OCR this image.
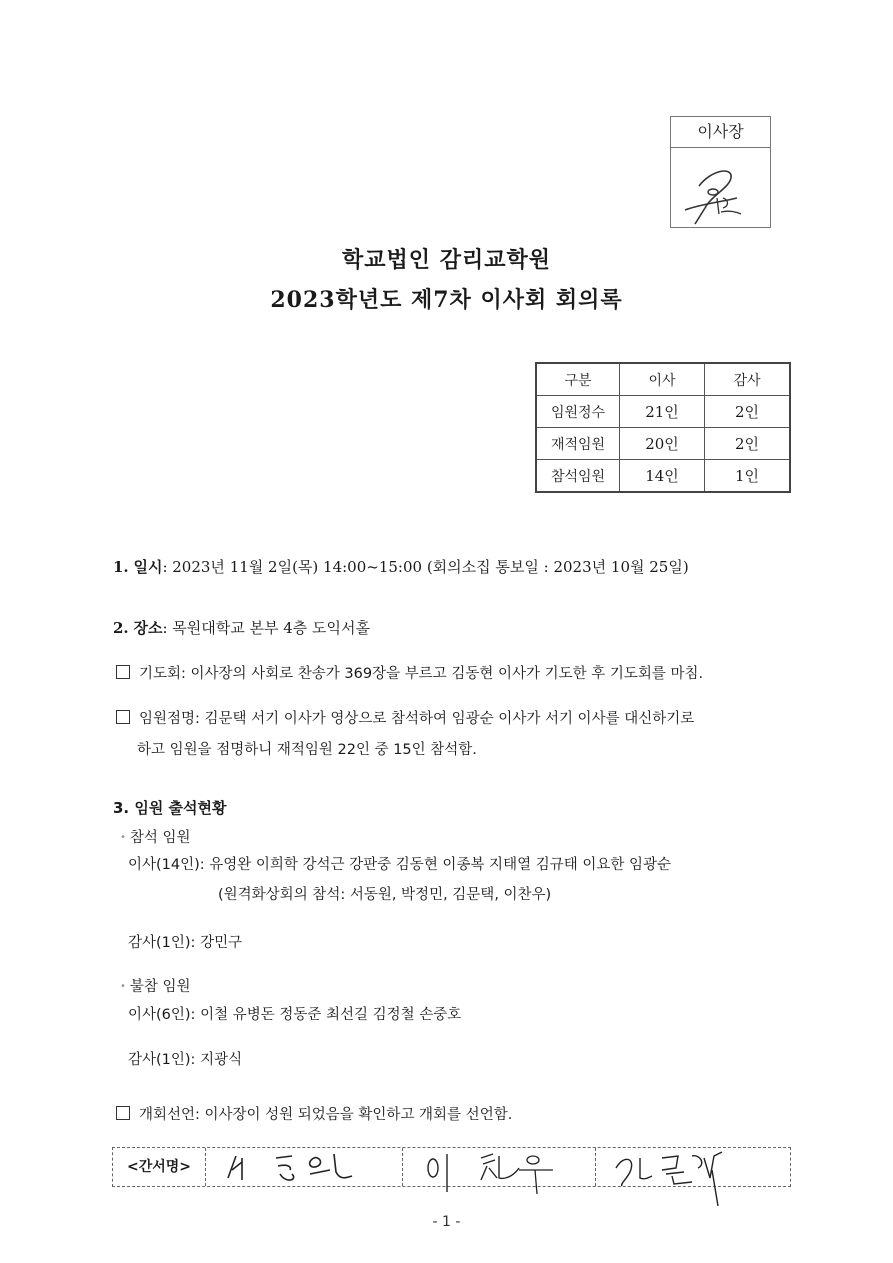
이사장
학교법인 감리교학원
2023학년도 제7차 이사회 회의록
구분	이사	감사
임원정수	21인	2인
재적임원	20인	2인
참석임원	14인	1인
1. 일시: 2023년 11월 2일(목) 14:00~15:00 (회의소집 통보일 : 2023년 10월 25일)
2. 장소: 목원대학교 본부 4층 도익서홀
기도회: 이사장의 사회로 찬송가 369장을 부르고 김동현 이사가 기도한 후 기도회를 마침.
임원점명: 김문택 서기 이사가 영상으로 참석하여 임광순 이사가 서기 이사를 대신하기로
하고 임원을 점명하니 재적임원 22인 중 15인 참석함.
3. 임원 출석현황
• 참석 임원
이사(14인): 유영완 이희학 강석근 강판중 김동현 이종복 지태열 김규태 이요한 임광순
(원격화상회의 참석: 서동원, 박정민, 김문택, 이찬우)
감사(1인): 강민구
• 불참 임원
이사(6인): 이철 유병돈 정동준 최선길 김정철 손중호
감사(1인): 지광식
개회선언: 이사장이 성원 되었음을 확인하고 개회를 선언함.
<간서명>
- 1 -
